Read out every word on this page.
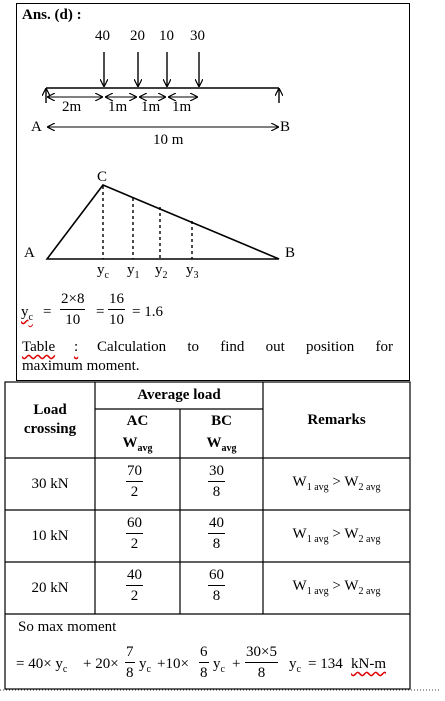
Ans. (d) :
40 20 10 30
2m 1m 1m 1m
A	B
10 m
C
A	B
$y_c$ $y_1$ $y_2$ $y_3$
$y_c$ =
2×8
10 =
16
10 = 1.6
Table : Calculation to find out position for
maximum moment.
Load crossing
Average load
Remarks
AC
$W_{avg}$
BC
$W_{avg}$
30 kN
70
2
30
8
$W_{1 avg} > W_{2 avg}$
10 kN
60
2
40
8
$W_{1 avg} > W_{2 avg}$
20 kN
40
2
60
8
$W_{1 avg} > W_{2 avg}$
So max moment
= $40\times y_c + 20\times$
7
8
$y_c +10\times$
6
8
$y_c$ +
30×5
8
$y_c = 134$ kN-m
